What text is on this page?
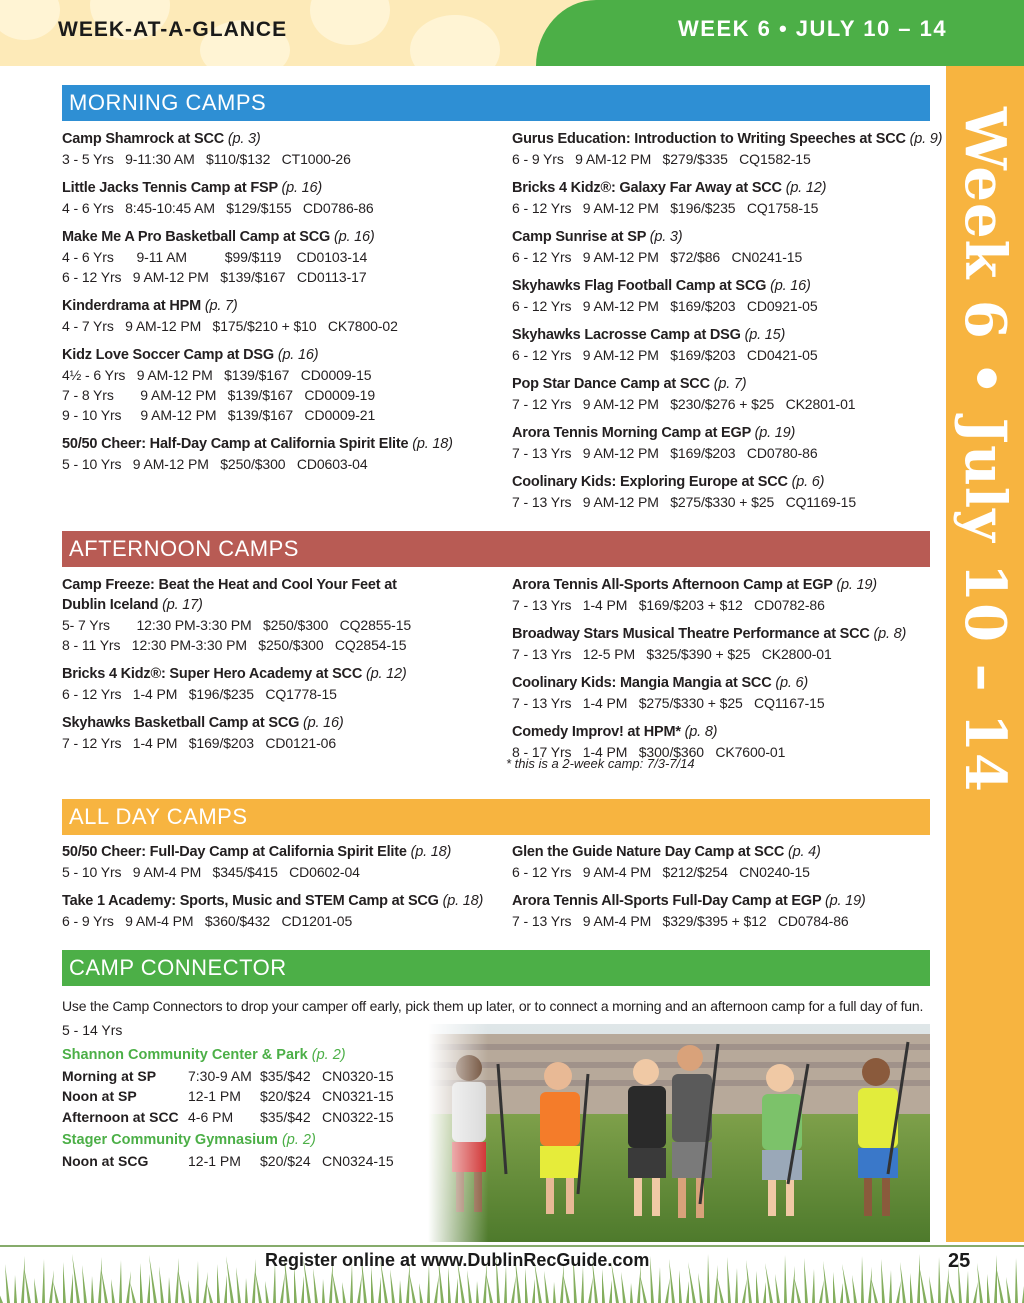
WEEK-AT-A-GLANCE	WEEK 6 • JULY 10 – 14
Week 6 • July 10 – 14
MORNING CAMPS
Camp Shamrock at SCC (p. 3)
3 - 5 Yrs   9-11:30 AM   $110/$132   CT1000-26
Little Jacks Tennis Camp at FSP (p. 16)
4 - 6 Yrs   8:45-10:45 AM   $129/$155   CD0786-86
Make Me A Pro Basketball Camp at SCG (p. 16)
4 - 6 Yrs      9-11 AM          $99/$119    CD0103-14
6 - 12 Yrs   9 AM-12 PM   $139/$167   CD0113-17
Kinderdrama at HPM (p. 7)
4 - 7 Yrs   9 AM-12 PM   $175/$210 + $10   CK7800-02
Kidz Love Soccer Camp at DSG (p. 16)
4½ - 6 Yrs   9 AM-12 PM   $139/$167   CD0009-15
7 - 8 Yrs       9 AM-12 PM   $139/$167   CD0009-19
9 - 10 Yrs     9 AM-12 PM   $139/$167   CD0009-21
50/50 Cheer: Half-Day Camp at California Spirit Elite (p. 18)
5 - 10 Yrs   9 AM-12 PM   $250/$300   CD0603-04
Gurus Education: Introduction to Writing Speeches at SCC (p. 9)
6 - 9 Yrs   9 AM-12 PM   $279/$335   CQ1582-15
Bricks 4 Kidz®: Galaxy Far Away at SCC (p. 12)
6 - 12 Yrs   9 AM-12 PM   $196/$235   CQ1758-15
Camp Sunrise at SP (p. 3)
6 - 12 Yrs   9 AM-12 PM   $72/$86   CN0241-15
Skyhawks Flag Football Camp at SCG (p. 16)
6 - 12 Yrs   9 AM-12 PM   $169/$203   CD0921-05
Skyhawks Lacrosse Camp at DSG (p. 15)
6 - 12 Yrs   9 AM-12 PM   $169/$203   CD0421-05
Pop Star Dance Camp at SCC (p. 7)
7 - 12 Yrs   9 AM-12 PM   $230/$276 + $25   CK2801-01
Arora Tennis Morning Camp at EGP (p. 19)
7 - 13 Yrs   9 AM-12 PM   $169/$203   CD0780-86
Coolinary Kids: Exploring Europe at SCC (p. 6)
7 - 13 Yrs   9 AM-12 PM   $275/$330 + $25   CQ1169-15
AFTERNOON CAMPS
Camp Freeze: Beat the Heat and Cool Your Feet at
Dublin Iceland (p. 17)
5- 7 Yrs       12:30 PM-3:30 PM   $250/$300   CQ2855-15
8 - 11 Yrs   12:30 PM-3:30 PM   $250/$300   CQ2854-15
Bricks 4 Kidz®: Super Hero Academy at SCC (p. 12)
6 - 12 Yrs   1-4 PM   $196/$235   CQ1778-15
Skyhawks Basketball Camp at SCG (p. 16)
7 - 12 Yrs   1-4 PM   $169/$203   CD0121-06
Arora Tennis All-Sports Afternoon Camp at EGP (p. 19)
7 - 13 Yrs   1-4 PM   $169/$203 + $12   CD0782-86
Broadway Stars Musical Theatre Performance at SCC (p. 8)
7 - 13 Yrs   12-5 PM   $325/$390 + $25   CK2800-01
Coolinary Kids: Mangia Mangia at SCC (p. 6)
7 - 13 Yrs   1-4 PM   $275/$330 + $25   CQ1167-15
Comedy Improv! at HPM* (p. 8)
8 - 17 Yrs   1-4 PM   $300/$360   CK7600-01
* this is a 2-week camp: 7/3-7/14
ALL DAY CAMPS
50/50 Cheer: Full-Day Camp at California Spirit Elite (p. 18)
5 - 10 Yrs   9 AM-4 PM   $345/$415   CD0602-04
Take 1 Academy: Sports, Music and STEM Camp at SCG (p. 18)
6 - 9 Yrs   9 AM-4 PM   $360/$432   CD1201-05
Glen the Guide Nature Day Camp at SCC (p. 4)
6 - 12 Yrs   9 AM-4 PM   $212/$254   CN0240-15
Arora Tennis All-Sports Full-Day Camp at EGP (p. 19)
7 - 13 Yrs   9 AM-4 PM   $329/$395 + $12   CD0784-86
CAMP CONNECTOR
Use the Camp Connectors to drop your camper off early, pick them up later, or to connect a morning and an afternoon camp for a full day of fun.
5 - 14 Yrs
Shannon Community Center & Park (p. 2)
Morning at SP	7:30-9 AM $35/$42 CN0320-15
Noon at SP	12-1 PM	$20/$24 CN0321-15
Afternoon at SCC 4-6 PM	$35/$42 CN0322-15
Stager Community Gymnasium (p. 2)
Noon at SCG	12-1 PM	$20/$24 CN0324-15
Register online at www.DublinRecGuide.com	25
